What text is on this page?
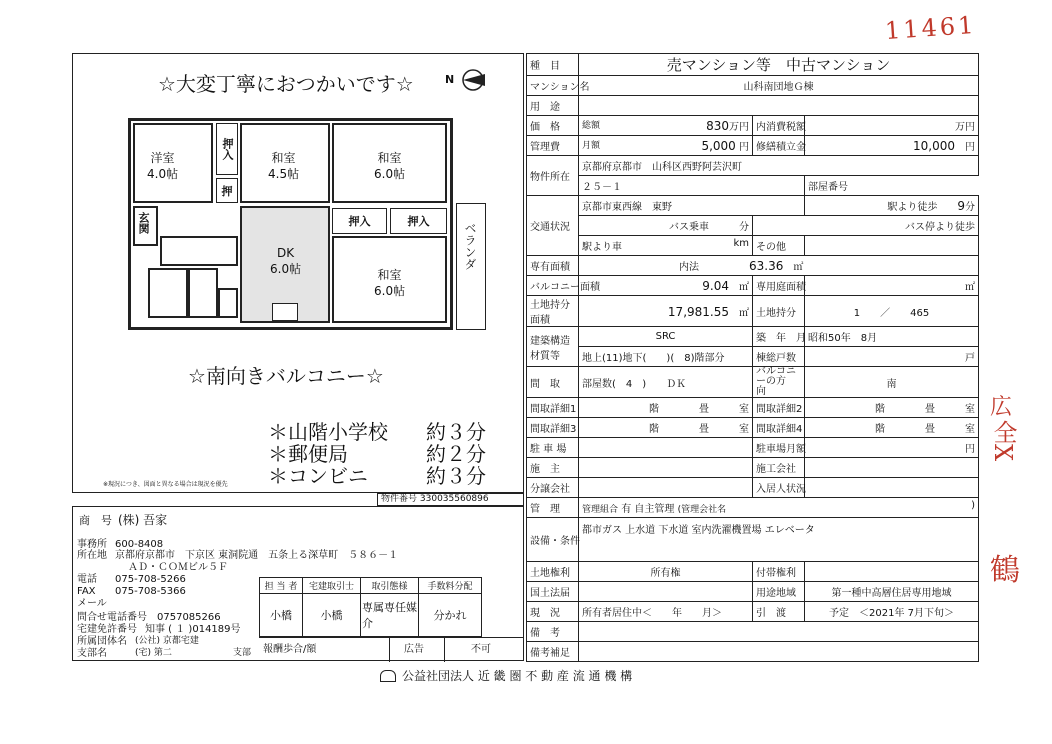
11461
広
全X
鶴
☆大変丁寧におつかいです☆	N
洋室
4.0帖
押入
押
和室
4.5帖
和室
6.0帖
玄関
DK
6.0帖
押入	押入
和室
6.0帖
ベランダ
☆南向きバルコニー☆
＊山階小学校 約３分
＊郵便局	約２分
＊コンビニ	約３分
※現況につき、図面と異なる場合は現況を優先
物件番号 330035560896
商　号 (株) 吾家
事務所 600-8408
所在地 京都府京都市　下京区 東洞院通　五条上る深草町　５８６－１
ＡＤ・ＣＯＭビル５Ｆ
電話 075-708-5266
FAX 075-708-5366
メール
問合せ電話番号 0757085266
宅建免許番号 知事 ( １ )014189号
所属団体名 (公社) 京都宅建
支部名	(宅) 第二	支部
担 当 者	宅建取引士	取引態様	手数料分配
小橋	小橋	専属専任媒介	分かれ
報酬歩合/額	広告	不可
種　目	売マンション等　中古マンション		
マンション名	山科南団地Ｇ棟		
用　途			
価　格	総額 830万円	内消費税額	万円
管理費	月額 5,000 円	修繕積立金	10,000　 円
物件所在	京都府京都市　山科区西野阿芸沢町		
	２５－１		部屋番号
交通状況	京都市東西線　東野		駅より徒歩　　 9分
	バス乗車　　　 分	バス停より徒歩	　　　　
	駅より車 km	その他	
専有面積	内法　　　　　 63.36　 ㎡		
バルコニー面積	9.04　 ㎡	専用庭面積	㎡
土地持分面積	17,981.55　 ㎡	土地持分	1　　／　　465
建築構造材質等	SRC	築　年　月	昭和50年　8月
	地上(11)地下(　　)(　8)階部分	棟総戸数	戸
間　取	部屋数(　4　)　　ＤＫ	バルコニーの方　向	南
間取詳細1	階　　　　畳　　　室	間取詳細2	階　　　　畳　　　室
間取詳細3	階　　　　畳　　　室	間取詳細4	階　　　　畳　　　室
駐 車 場		駐車場月額	円
施　主		施工会社	
分譲会社		入居人状況	
管　理	管理組合 有 自主管理 (管理会社名 )		

設備・条件	都市ガス 上水道 下水道 室内洗濯機置場 エレベータ		
土地権利	所有権	付帯権利	
国土法届		用途地域	第一種中高層住居専用地域
現　況	所有者居住中＜　　年　　月＞	引　渡	予定　＜2021年 7月下旬＞
備　考			
備考補足			
公益社団法人 近 畿 圏 不 動 産 流 通 機 構
